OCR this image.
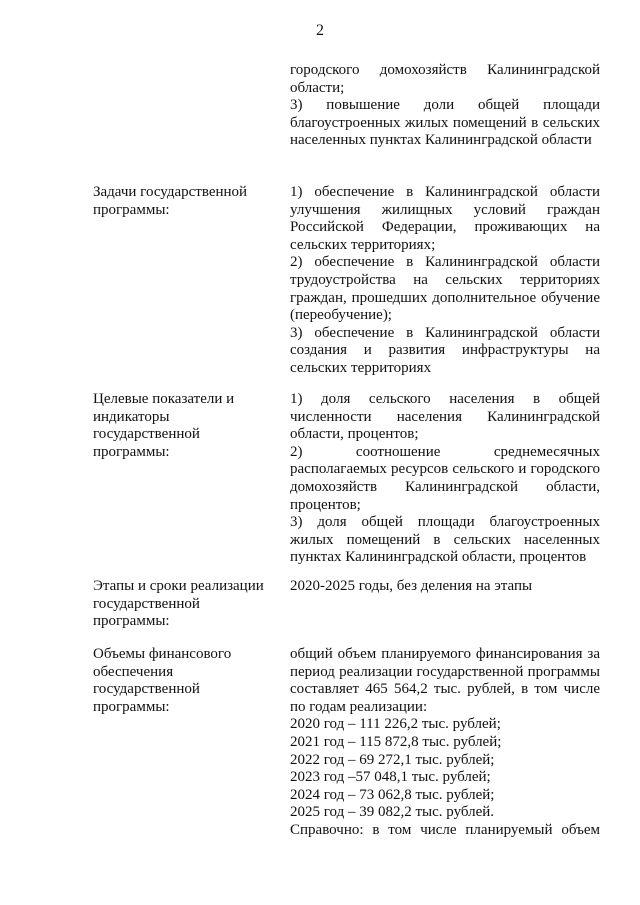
2

городского домохозяйств Калининградской области;

3) повышение доли общей площади благоустроенных жилых помещений в сельских населенных пунктах Калининградской области

Задачи государственной программы:

1) обеспечение в Калининградской области улучшения жилищных условий граждан Российской Федерации, проживающих на сельских территориях;

2) обеспечение в Калининградской области трудоустройства на сельских территориях граждан, прошедших дополнительное обучение (переобучение);

3) обеспечение в Калининградской области создания и развития инфраструктуры на сельских территориях

Целевые показатели и индикаторы государственной программы:

1) доля сельского населения в общей численности населения Калининградской области, процентов;

2) соотношение среднемесячных располагаемых ресурсов сельского и городского домохозяйств Калининградской области, процентов;

3) доля общей площади благоустроенных жилых помещений в сельских населенных пунктах Калининградской области, процентов

Этапы и сроки реализации государственной программы:

2020-2025 годы, без деления на этапы

Объемы финансового обеспечения государственной программы:

общий объем планируемого финансирования за период реализации государственной программы составляет 465 564,2 тыс. рублей, в том числе по годам реализации:

2020 год – 111 226,2 тыс. рублей;

2021 год – 115 872,8 тыс. рублей;

2022 год – 69 272,1 тыс. рублей;

2023 год –57 048,1 тыс. рублей;

2024 год – 73 062,8 тыс. рублей;

2025 год – 39 082,2 тыс. рублей.

Справочно: в том числе планируемый объем
